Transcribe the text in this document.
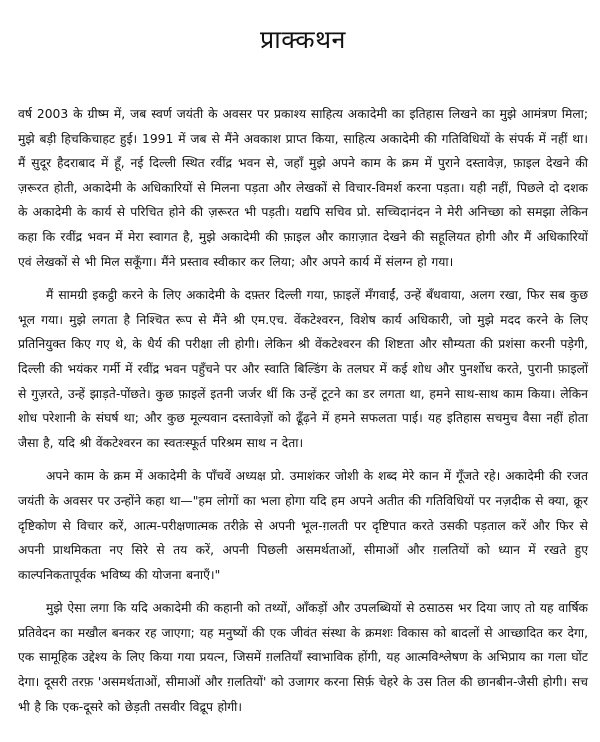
प्राक्कथन

वर्ष 2003 के ग्रीष्म में, जब स्वर्ण जयंती के अवसर पर प्रकाश्य साहित्य अकादेमी का इतिहास लिखने का मुझे आमंत्रण मिला; मुझे बड़ी हिचकिचाहट हुई। 1991 में जब से मैंने अवकाश प्राप्त किया, साहित्य अकादेमी की गतिविधियों के संपर्क में नहीं था। मैं सुदूर हैदराबाद में हूँ, नई दिल्ली स्थित रवींद्र भवन से, जहाँ मुझे अपने काम के क्रम में पुराने दस्तावेज़, फ़ाइल देखने की ज़रूरत होती, अकादेमी के अधिकारियों से मिलना पड़ता और लेखकों से विचार-विमर्श करना पड़ता। यही नहीं, पिछले दो दशक के अकादेमी के कार्य से परिचित होने की ज़रूरत भी पड़ती। यद्यपि सचिव प्रो. सच्चिदानंदन ने मेरी अनिच्छा को समझा लेकिन कहा कि रवींद्र भवन में मेरा स्वागत है, मुझे अकादेमी की फ़ाइल और काग़ज़ात देखने की सहूलियत होगी और मैं अधिकारियों एवं लेखकों से भी मिल सकूँगा। मैंने प्रस्ताव स्वीकार कर लिया; और अपने कार्य में संलग्न हो गया।

मैं सामग्री इकट्ठी करने के लिए अकादेमी के दफ़्तर दिल्ली गया, फ़ाइलें मँगवाईं, उन्हें बँधवाया, अलग रखा, फिर सब कुछ भूल गया। मुझे लगता है निश्चित रूप से मैंने श्री एम.एच. वेंकटेश्वरन, विशेष कार्य अधिकारी, जो मुझे मदद करने के लिए प्रतिनियुक्त किए गए थे, के धैर्य की परीक्षा ली होगी। लेकिन श्री वेंकटेश्वरन की शिष्टता और सौम्यता की प्रशंसा करनी पड़ेगी, दिल्ली की भयंकर गर्मी में रवींद्र भवन पहुँचने पर और स्वाति बिल्डिंग के तलघर में कई शोध और पुनर्शोध करते, पुरानी फ़ाइलों से गुज़रते, उन्हें झाड़ते-पोंछते। कुछ फ़ाइलें इतनी जर्जर थीं कि उन्हें टूटने का डर लगता था, हमने साथ-साथ काम किया। लेकिन शोध परेशानी के संघर्ष था; और कुछ मूल्यवान दस्तावेज़ों को ढूँढ़ने में हमने सफलता पाई। यह इतिहास सचमुच वैसा नहीं होता जैसा है, यदि श्री वेंकटेश्वरन का स्वतःस्फूर्त परिश्रम साथ न देता।

अपने काम के क्रम में अकादेमी के पाँचवें अध्यक्ष प्रो. उमाशंकर जोशी के शब्द मेरे कान में गूँजते रहे। अकादेमी की रजत जयंती के अवसर पर उन्होंने कहा था—"हम लोगों का भला होगा यदि हम अपने अतीत की गतिविधियों पर नज़दीक से क्या, क्रूर दृष्टिकोण से विचार करें, आत्म-परीक्षणात्मक तरीक़े से अपनी भूल-ग़लती पर दृष्टिपात करते उसकी पड़ताल करें और फिर से अपनी प्राथमिकता नए सिरे से तय करें, अपनी पिछली असमर्थताओं, सीमाओं और ग़लतियों को ध्यान में रखते हुए काल्पनिकतापूर्वक भविष्य की योजना बनाएँ।"

मुझे ऐसा लगा कि यदि अकादेमी की कहानी को तथ्यों, आँकड़ों और उपलब्धियों से ठसाठस भर दिया जाए तो यह वार्षिक प्रतिवेदन का मखौल बनकर रह जाएगा; यह मनुष्यों की एक जीवंत संस्था के क्रमशः विकास को बादलों से आच्छादित कर देगा, एक सामूहिक उद्देश्य के लिए किया गया प्रयत्न, जिसमें ग़लतियाँ स्वाभाविक होंगी, यह आत्मविश्लेषण के अभिप्राय का गला घोंट देगा। दूसरी तरफ़ 'असमर्थताओं, सीमाओं और ग़लतियों' को उजागर करना सिर्फ़ चेहरे के उस तिल की छानबीन-जैसी होगी। सच भी है कि एक-दूसरे को छेड़ती तसवीर विद्रूप होगी।
